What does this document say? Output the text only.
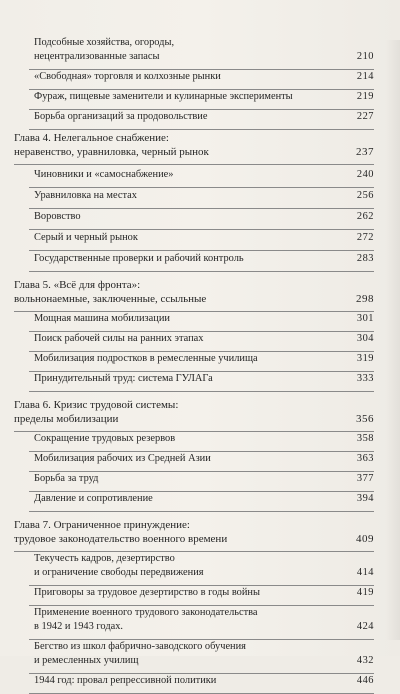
Подсобные хозяйства, огороды,
нецентрализованные запасы	210
«Свободная» торговля и колхозные рынки	214
Фураж, пищевые заменители и кулинарные эксперименты	219
Борьба организаций за продовольствие	227
Глава 4. Нелегальное снабжение:
неравенство, уравниловка, черный рынок	237
Чиновники и «самоснабжение»	240
Уравниловка на местах	256
Воровство	262
Серый и черный рынок	272
Государственные проверки и рабочий контроль	283
Глава 5. «Всё для фронта»:
вольнонаемные, заключенные, ссыльные	298
Мощная машина мобилизации	301
Поиск рабочей силы на ранних этапах	304
Мобилизация подростков в ремесленные училища	319
Принудительный труд: система ГУЛАГа	333
Глава 6. Кризис трудовой системы:
пределы мобилизации	356
Сокращение трудовых резервов	358
Мобилизация рабочих из Средней Азии	363
Борьба за труд	377
Давление и сопротивление	394
Глава 7. Ограниченное принуждение:
трудовое законодательство военного времени	409
Текучесть кадров, дезертирство
и ограничение свободы передвижения	414
Приговоры за трудовое дезертирство в годы войны	419
Применение военного трудового законодательства
в 1942 и 1943 годах.	424
Бегство из школ фабрично-заводского обучения
и ремесленных училищ	432
1944 год: провал репрессивной политики	446
